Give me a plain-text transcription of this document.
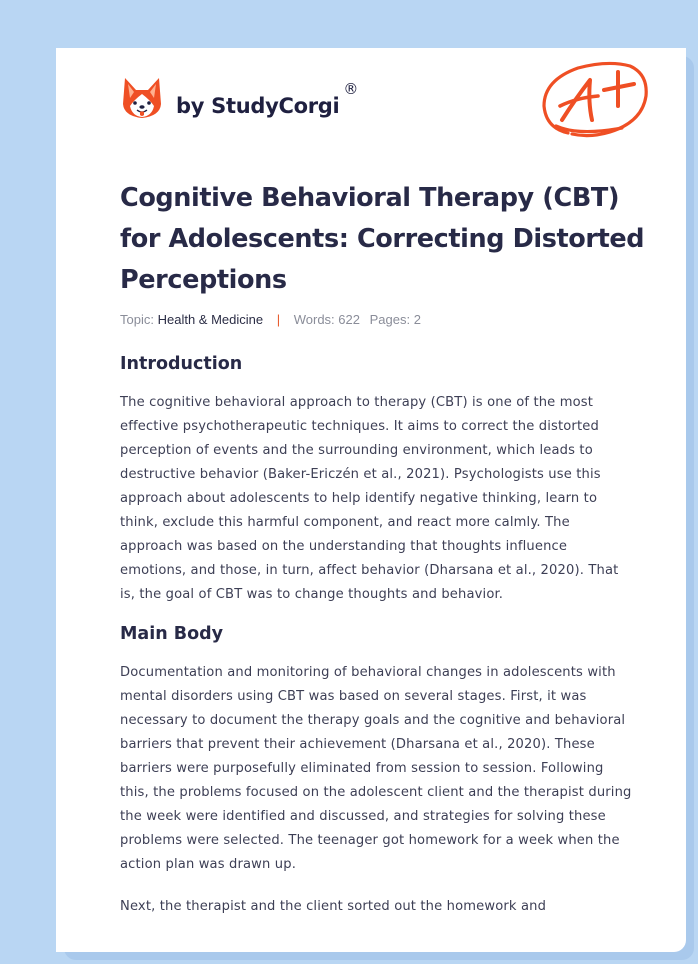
by StudyCorgi
®
Cognitive Behavioral Therapy (CBT) for Adolescents: Correcting Distorted Perceptions
Topic: Health & Medicine | Words: 622 Pages: 2
Introduction

The cognitive behavioral approach to therapy (CBT) is one of the most effective psychotherapeutic techniques. It aims to correct the distorted perception of events and the surrounding environment, which leads to destructive behavior (Baker-Ericzén et al., 2021). Psychologists use this approach about adolescents to help identify negative thinking, learn to think, exclude this harmful component, and react more calmly. The approach was based on the understanding that thoughts influence emotions, and those, in turn, affect behavior (Dharsana et al., 2020). That is, the goal of CBT was to change thoughts and behavior.

Main Body

Documentation and monitoring of behavioral changes in adolescents with mental disorders using CBT was based on several stages. First, it was necessary to document the therapy goals and the cognitive and behavioral barriers that prevent their achievement (Dharsana et al., 2020). These barriers were purposefully eliminated from session to session. Following this, the problems focused on the adolescent client and the therapist during the week were identified and discussed, and strategies for solving these problems were selected. The teenager got homework for a week when the action plan was drawn up.

Next, the therapist and the client sorted out the homework and
